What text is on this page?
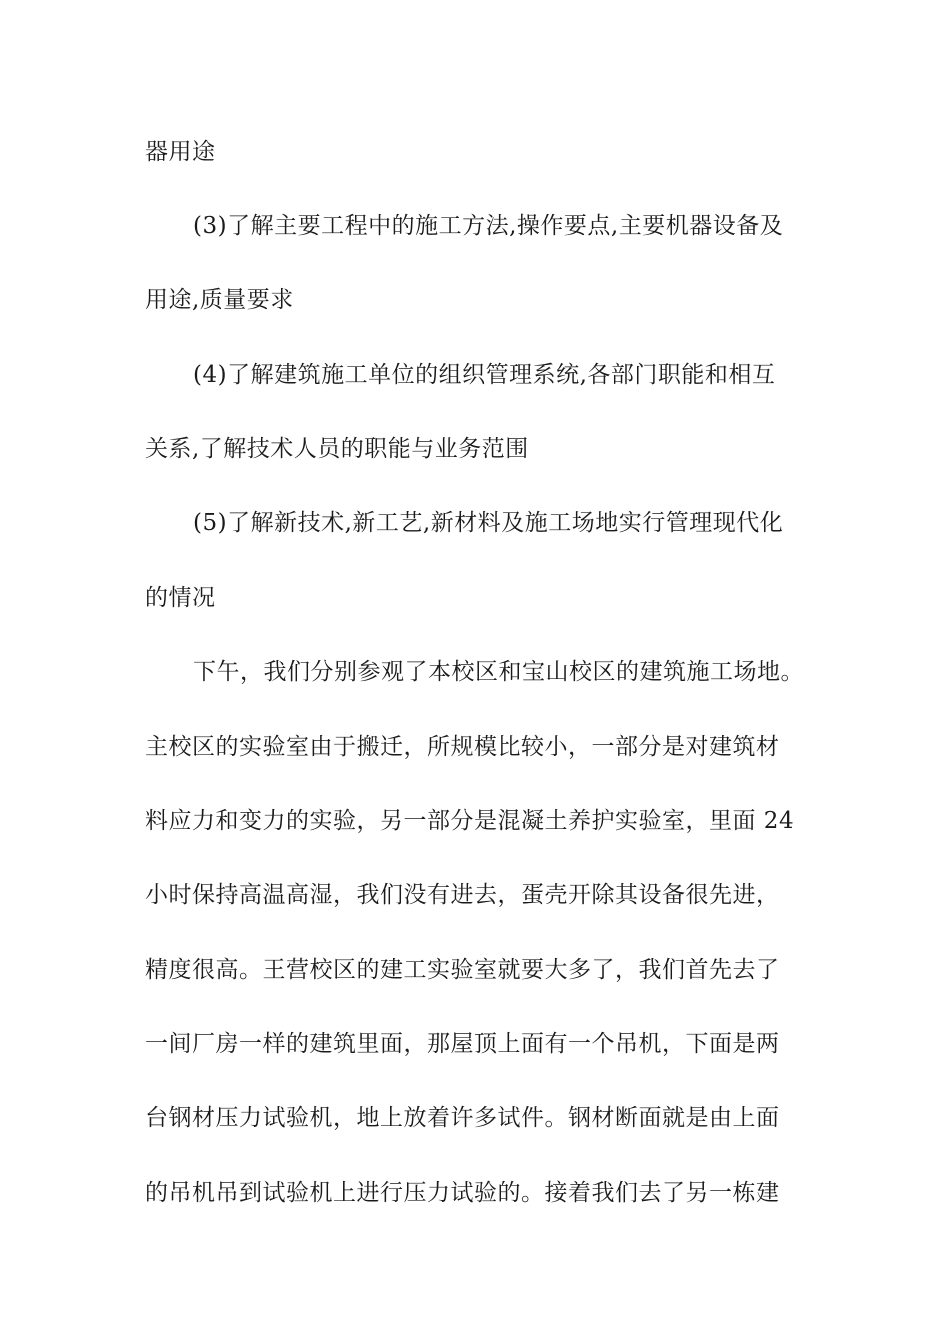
器用途
(3)了解主要工程中的施工方法,操作要点,主要机器设备及
用途,质量要求
(4)了解建筑施工单位的组织管理系统,各部门职能和相互
关系,了解技术人员的职能与业务范围
(5)了解新技术,新工艺,新材料及施工场地实行管理现代化
的情况
下午，我们分别参观了本校区和宝山校区的建筑施工场地。
主校区的实验室由于搬迁，所规模比较小，一部分是对建筑材
料应力和变力的实验，另一部分是混凝土养护实验室，里面 24
小时保持高温高湿，我们没有进去，蛋壳开除其设备很先进，
精度很高。王营校区的建工实验室就要大多了，我们首先去了
一间厂房一样的建筑里面，那屋顶上面有一个吊机，下面是两
台钢材压力试验机，地上放着许多试件。钢材断面就是由上面
的吊机吊到试验机上进行压力试验的。接着我们去了另一栋建
